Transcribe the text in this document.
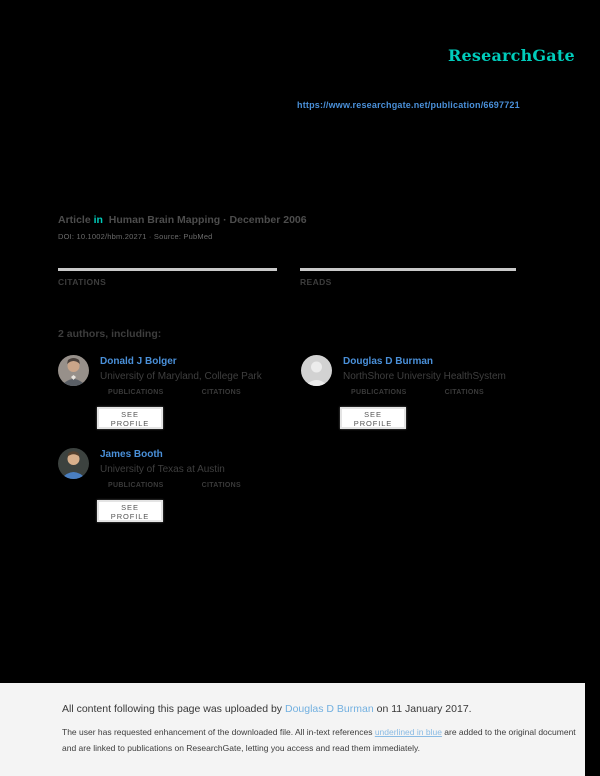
ResearchGate
https://www.researchgate.net/publication/6697721
Article in  Human Brain Mapping · December 2006
DOI: 10.1002/hbm.20271 · Source: PubMed
CITATIONS	READS
2 authors, including:
Donald J Bolger
University of Maryland, College Park
PUBLICATIONS	CITATIONS
SEE PROFILE
Douglas D Burman
NorthShore University HealthSystem
PUBLICATIONS	CITATIONS
SEE PROFILE
James Booth
University of Texas at Austin
PUBLICATIONS	CITATIONS
SEE PROFILE
All content following this page was uploaded by Douglas D Burman on 11 January 2017.
The user has requested enhancement of the downloaded file. All in-text references underlined in blue are added to the original document
and are linked to publications on ResearchGate, letting you access and read them immediately.
